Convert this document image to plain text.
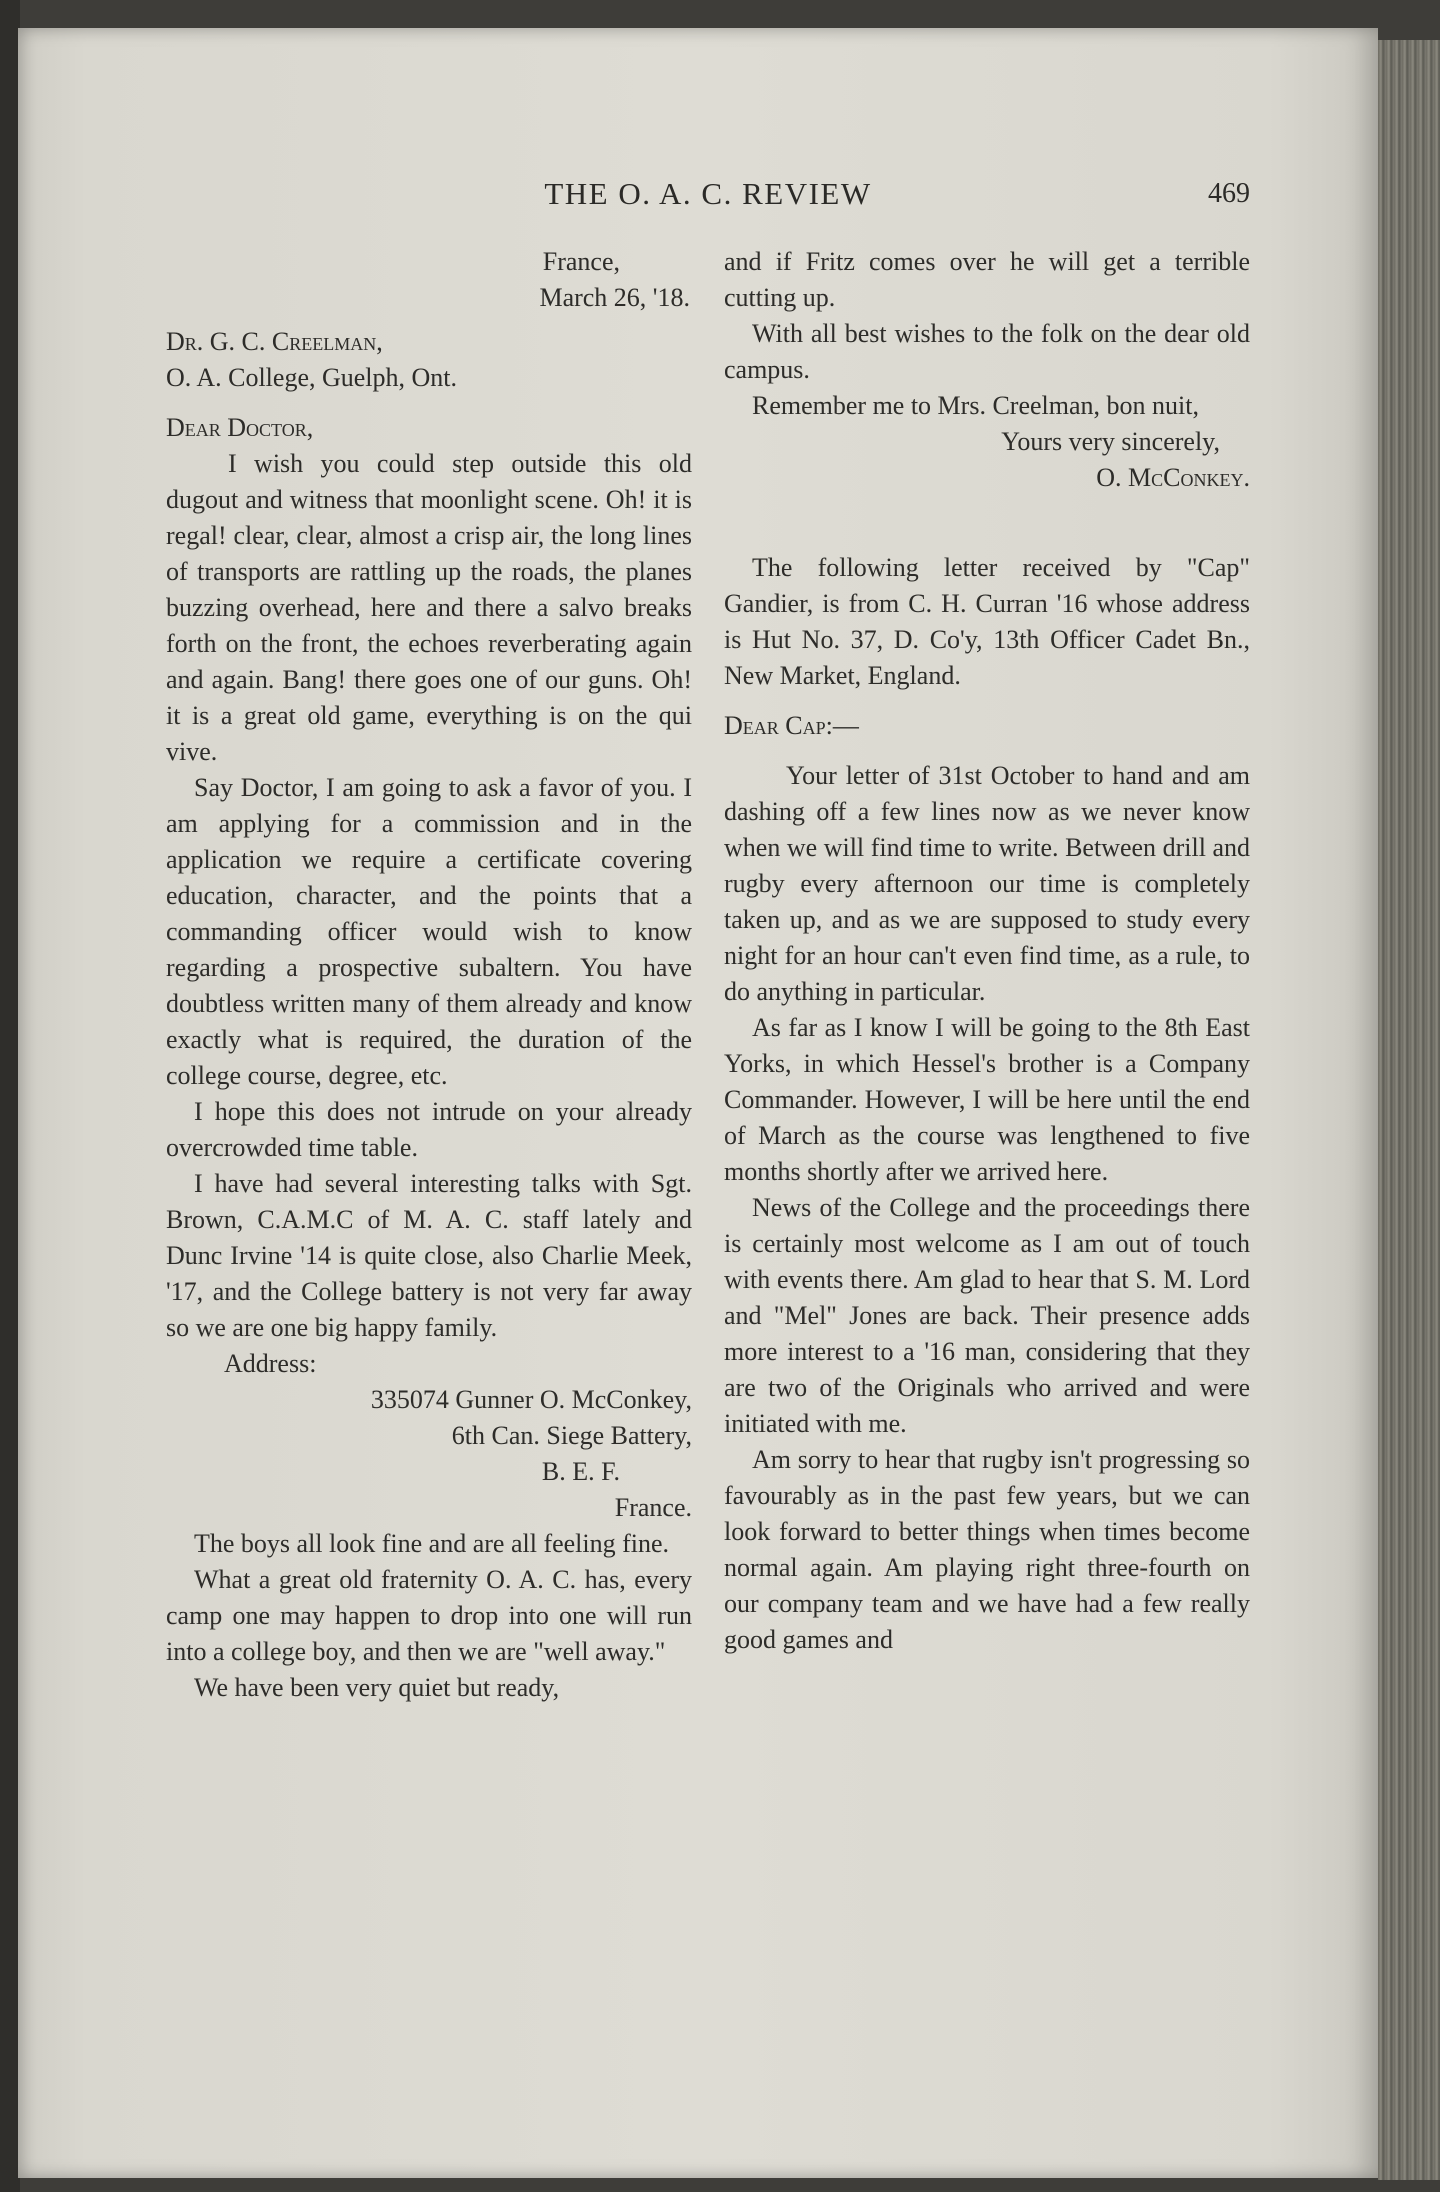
THE O. A. C. REVIEW	469

France,

March 26, '18.

Dr. G. C. Creelman,

O. A. College, Guelph, Ont.

Dear Doctor,

I wish you could step outside this old dugout and witness that moonlight scene. Oh! it is regal! clear, clear, almost a crisp air, the long lines of transports are rattling up the roads, the planes buzzing overhead, here and there a salvo breaks forth on the front, the echoes reverberating again and again. Bang! there goes one of our guns. Oh! it is a great old game, everything is on the qui vive.

Say Doctor, I am going to ask a favor of you. I am applying for a commission and in the application we require a certificate covering education, character, and the points that a commanding officer would wish to know regarding a prospective subaltern. You have doubtless written many of them already and know exactly what is required, the duration of the college course, degree, etc.

I hope this does not intrude on your already overcrowded time table.

I have had several interesting talks with Sgt. Brown, C.A.M.C of M. A. C. staff lately and Dunc Irvine '14 is quite close, also Charlie Meek, '17, and the College battery is not very far away so we are one big happy family.

Address:

335074 Gunner O. McConkey,

6th Can. Siege Battery,

B. E. F.

France.

The boys all look fine and are all feeling fine.

What a great old fraternity O. A. C. has, every camp one may happen to drop into one will run into a college boy, and then we are "well away."

We have been very quiet but ready,

and if Fritz comes over he will get a terrible cutting up.

With all best wishes to the folk on the dear old campus.

Remember me to Mrs. Creelman, bon nuit,

Yours very sincerely,

O. McConkey.

The following letter received by "Cap" Gandier, is from C. H. Curran '16 whose address is Hut No. 37, D. Co'y, 13th Officer Cadet Bn., New Market, England.

Dear Cap:—

Your letter of 31st October to hand and am dashing off a few lines now as we never know when we will find time to write. Between drill and rugby every afternoon our time is completely taken up, and as we are supposed to study every night for an hour can't even find time, as a rule, to do anything in particular.

As far as I know I will be going to the 8th East Yorks, in which Hessel's brother is a Company Commander. However, I will be here until the end of March as the course was lengthened to five months shortly after we arrived here.

News of the College and the proceedings there is certainly most welcome as I am out of touch with events there. Am glad to hear that S. M. Lord and "Mel" Jones are back. Their presence adds more interest to a '16 man, considering that they are two of the Originals who arrived and were initiated with me.

Am sorry to hear that rugby isn't progressing so favourably as in the past few years, but we can look forward to better things when times become normal again. Am playing right three-fourth on our company team and we have had a few really good games and
